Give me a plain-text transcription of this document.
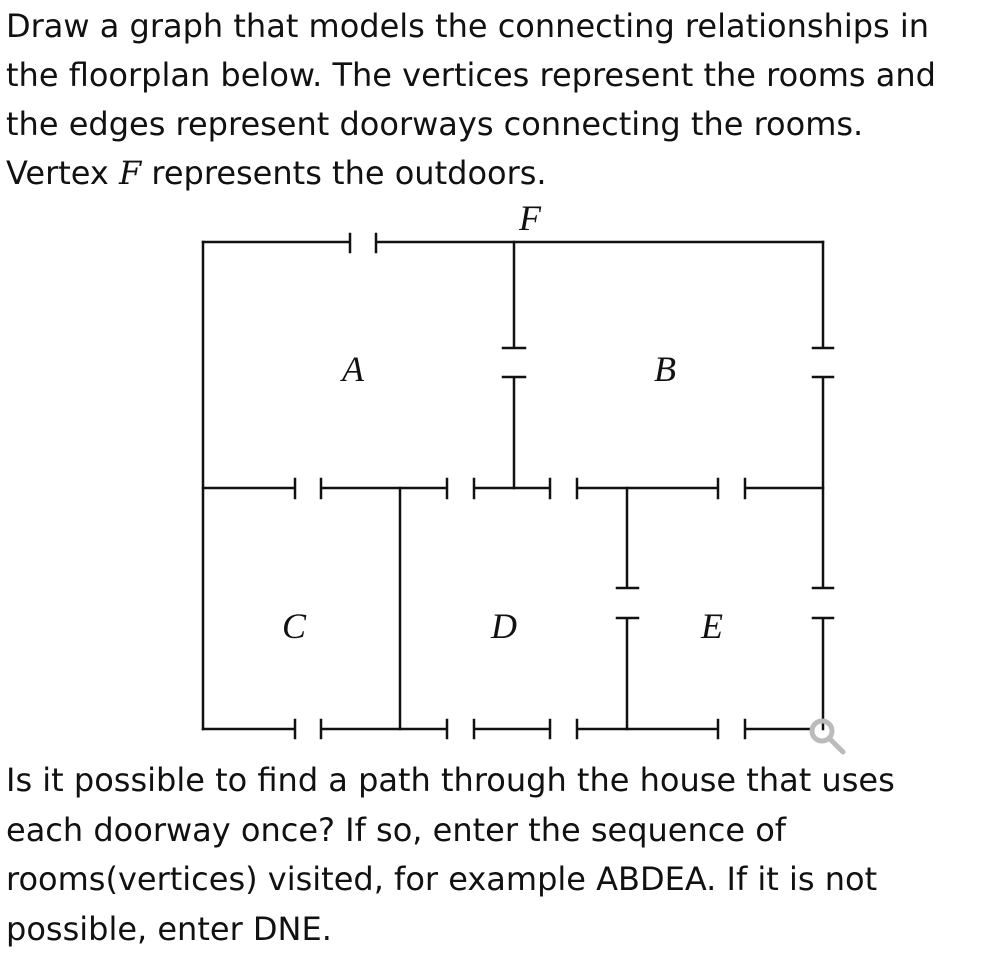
Draw a graph that models the connecting relationships in
the floorplan below. The vertices represent the rooms and
the edges represent doorways connecting the rooms.
Vertex F represents the outdoors.
F
A	B
C	D	E
Is it possible to find a path through the house that uses
each doorway once? If so, enter the sequence of
rooms(vertices) visited, for example ABDEA. If it is not
possible, enter DNE.
